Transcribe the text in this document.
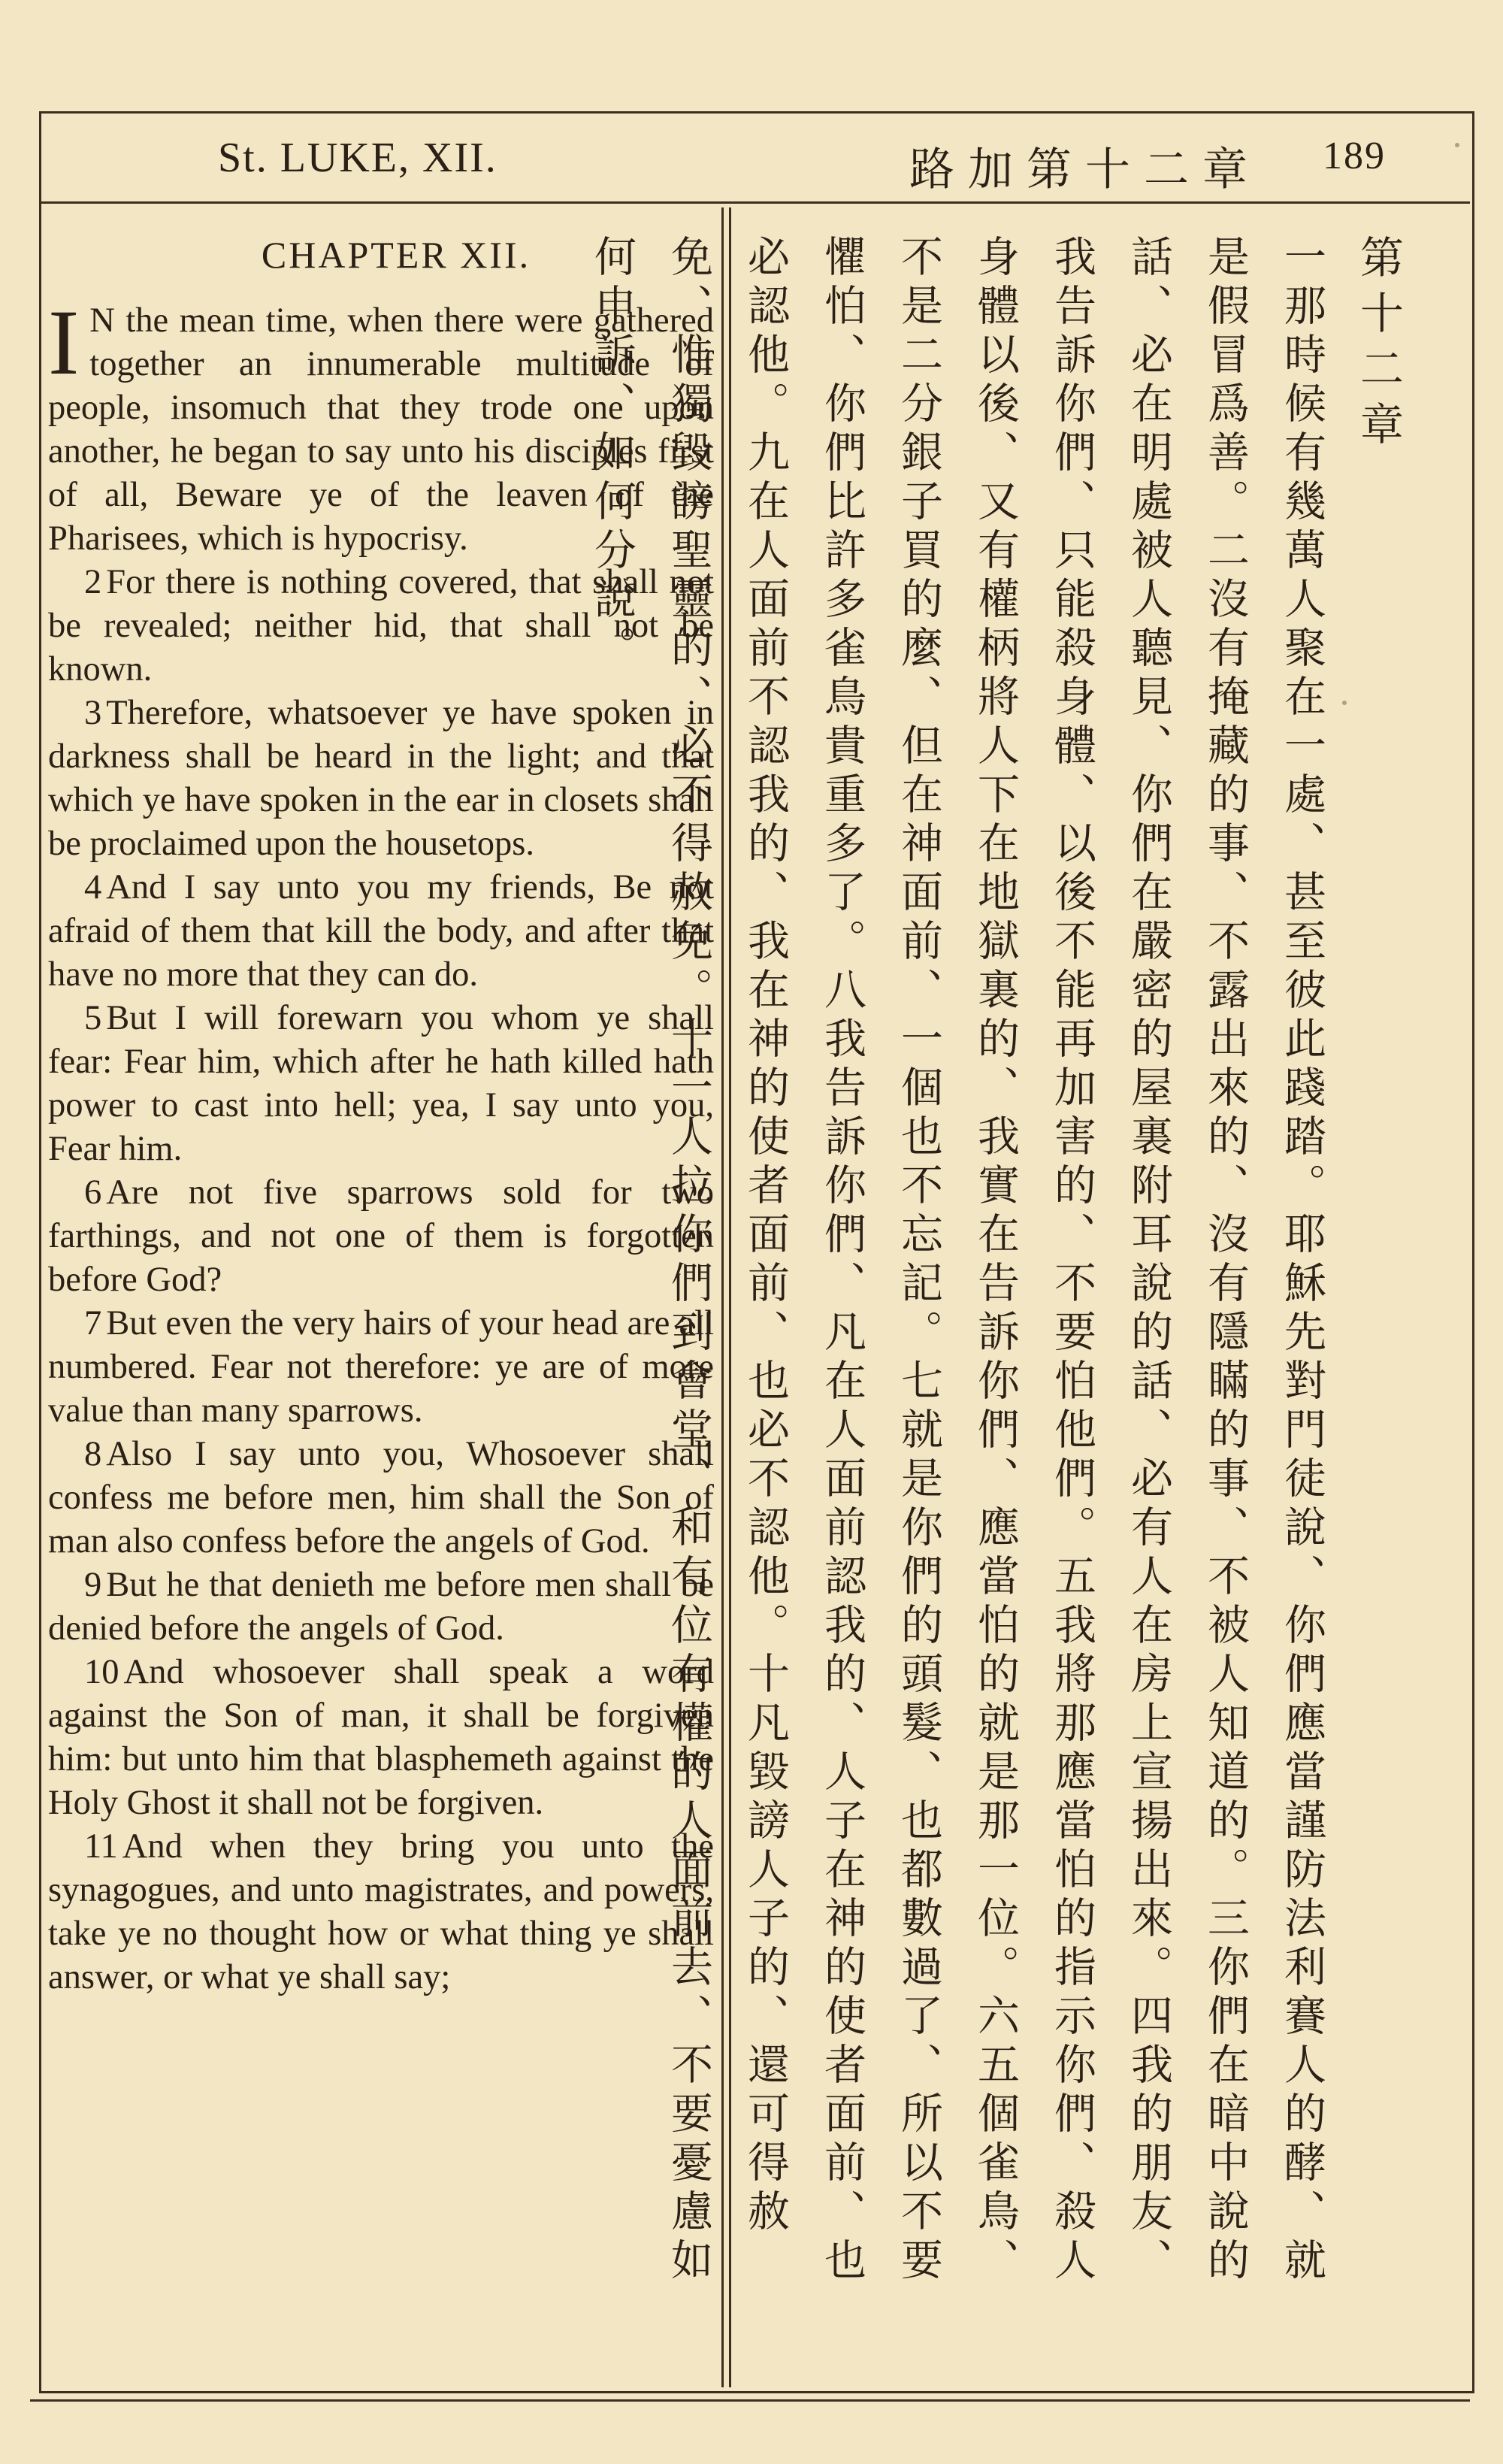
St. LUKE, XII.	路加第十二章 189
CHAPTER XII.

I N the mean time, when there were gathered together an innumerable multitude of people, insomuch that they trode one upon another, he began to say unto his disciples first of all, Beware ye of the leaven of the Pharisees, which is hypocrisy.

2 For there is nothing covered, that shall not be revealed; neither hid, that shall not be known.

3 Therefore, whatsoever ye have spoken in darkness shall be heard in the light; and that which ye have spoken in the ear in closets shall be proclaimed upon the housetops.

4 And I say unto you my friends, Be not afraid of them that kill the body, and after that have no more that they can do.

5 But I will forewarn you whom ye shall fear: Fear him, which after he hath killed hath power to cast into hell; yea, I say unto you, Fear him.

6 Are not five sparrows sold for two farthings, and not one of them is forgotten before God?

7 But even the very hairs of your head are all numbered. Fear not therefore: ye are of more value than many sparrows.

8 Also I say unto you, Whosoever shall confess me before men, him shall the Son of man also confess before the angels of God.

9 But he that denieth me before men shall be denied before the angels of God.

10 And whosoever shall speak a word against the Son of man, it shall be forgiven him: but unto him that blasphemeth against the Holy Ghost it shall not be forgiven.

11 And when they bring you unto the synagogues, and unto magistrates, and powers, take ye no thought how or what thing ye shall answer, or what ye shall say;

第十二章
一那時候有幾萬人聚在一處、甚至彼此踐踏。耶穌先對門徒說、你們應當謹防法利賽人的酵、就是假冒爲善。二沒有掩藏的事、不露出來的、沒有隱瞞的事、不被人知道的。三你們在暗中說的話、必在明處被人聽見、你們在嚴密的屋裏附耳說的話、必有人在房上宣揚出來。四我的朋友、我告訴你們、只能殺身體、以後不能再加害的、不要怕他們。五我將那應當怕的指示你們、殺人身體以後、又有權柄將人下在地獄裏的、我實在告訴你們、應當怕的就是那一位。六五個雀鳥、不是二分銀子買的麼、但在神面前、一個也不忘記。七就是你們的頭髮、也都數過了、所以不要懼怕、你們比許多雀鳥貴重多了。八我告訴你們、凡在人面前認我的、人子在神的使者面前、也必認他。九在人面前不認我的、我在神的使者面前、也必不認他。十凡毀謗人子的、還可得赦免、惟獨毀謗聖靈的、必不得赦免。十一人拉你們到會堂、和有位有權的人面前去、不要憂慮如何申訴、如何分說。
